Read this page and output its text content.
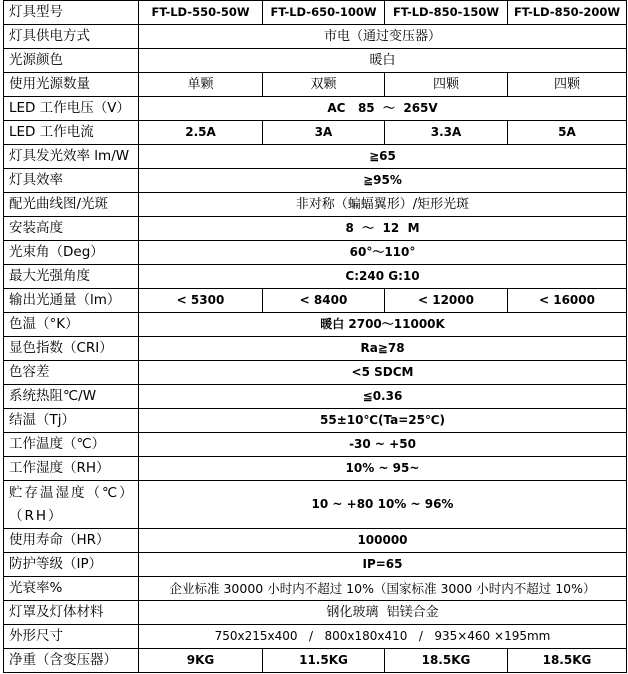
灯具型号	FT-LD-550-50W	FT-LD-650-100W	FT-LD-850-150W	FT-LD-850-200W
灯具供电方式	市电（通过变压器）			
光源颜色	暖白			
使用光源数量	单颗	双颗	四颗	四颗
LED 工作电压（V）	AC   85  ～  265V			
LED 工作电流	2.5A	3A	3.3A	5A
灯具发光效率 lm/W	≧65			
灯具效率	≧95%			
配光曲线图/光斑	非对称（蝙蝠翼形）/矩形光斑			
安装高度	8  ～  12  M			
光束角（Deg）	60°～110°			
最大光强角度	C:240 G:10			
输出光通量（lm）	< 5300	< 8400	< 12000	< 16000
色温（°K）	暖白 2700～11000K			
显色指数（CRI）	Ra≧78			
色容差	<5 SDCM			
系统热阻℃/W	≦0.36			
结温（Tj）	55±10℃(Ta=25℃)			
工作温度（℃）	-30 ~ +50			
工作湿度（RH）	10% ~ 95~			

贮存温湿度（℃）
（RH）	10 ~ +80 10% ~ 96%			
使用寿命（HR）	100000			
防护等级（IP）	IP=65			
光衰率%	企业标准 30000 小时内不超过 10%（国家标准 3000 小时内不超过 10%）			
灯罩及灯体材料	钢化玻璃  铝镁合金			
外形尺寸	750x215x400   /   800x180x410   /   935×460 ×195mm			
净重（含变压器）	9KG	11.5KG	18.5KG	18.5KG
